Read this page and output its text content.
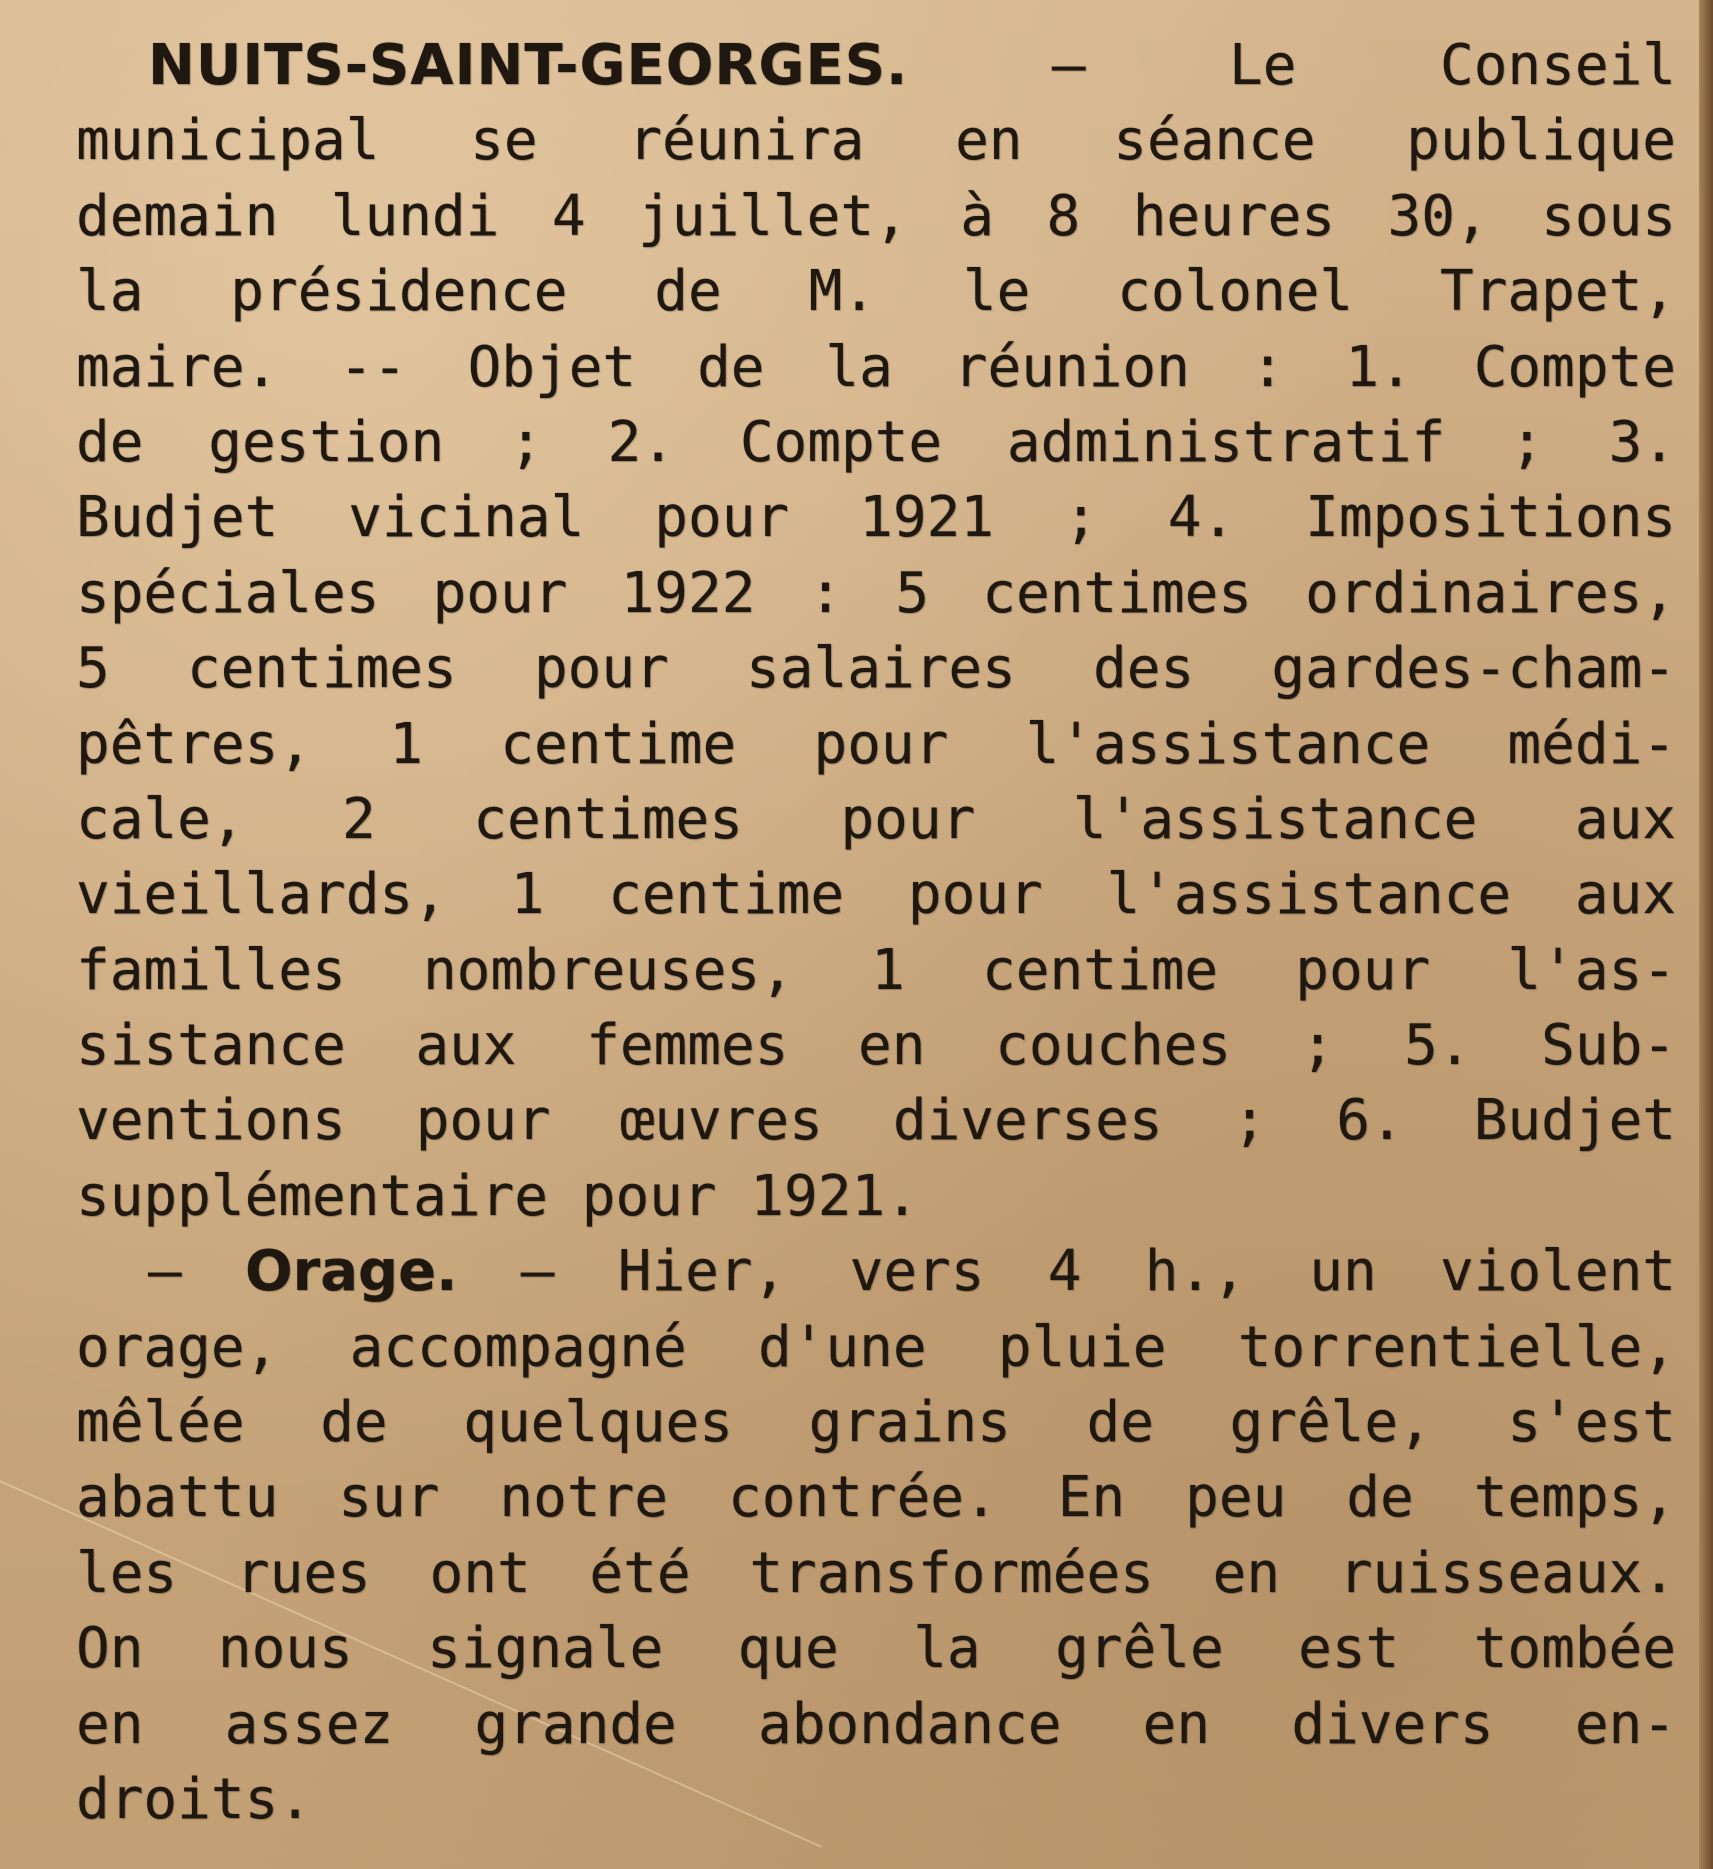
NUITS-SAINT-GEORGES.	— Le Conseil
municipal se réunira en séance publique
demain lundi 4 juillet, à 8 heures 30, sous
la présidence de M. le colonel Trapet,
maire. -- Objet de la réunion : 1. Compte
de gestion ; 2. Compte administratif ; 3.
Budjet vicinal pour 1921 ; 4. Impositions
spéciales pour 1922 : 5 centimes ordinaires,
5 centimes pour salaires des gardes-cham-
pêtres, 1 centime pour l'assistance médi-
cale, 2 centimes pour l'assistance aux
vieillards, 1 centime pour l'assistance aux
familles nombreuses, 1 centime pour l'as-
sistance aux femmes en couches ; 5. Sub-
ventions pour œuvres diverses ; 6. Budjet
supplémentaire pour 1921.
— Orage. — Hier, vers 4 h., un violent
orage, accompagné d'une pluie torrentielle,
mêlée de quelques grains de grêle, s'est
abattu sur notre contrée. En peu de temps,
les rues ont été transformées en ruisseaux.
On nous signale que la grêle est tombée
en assez grande abondance en divers en-
droits.
